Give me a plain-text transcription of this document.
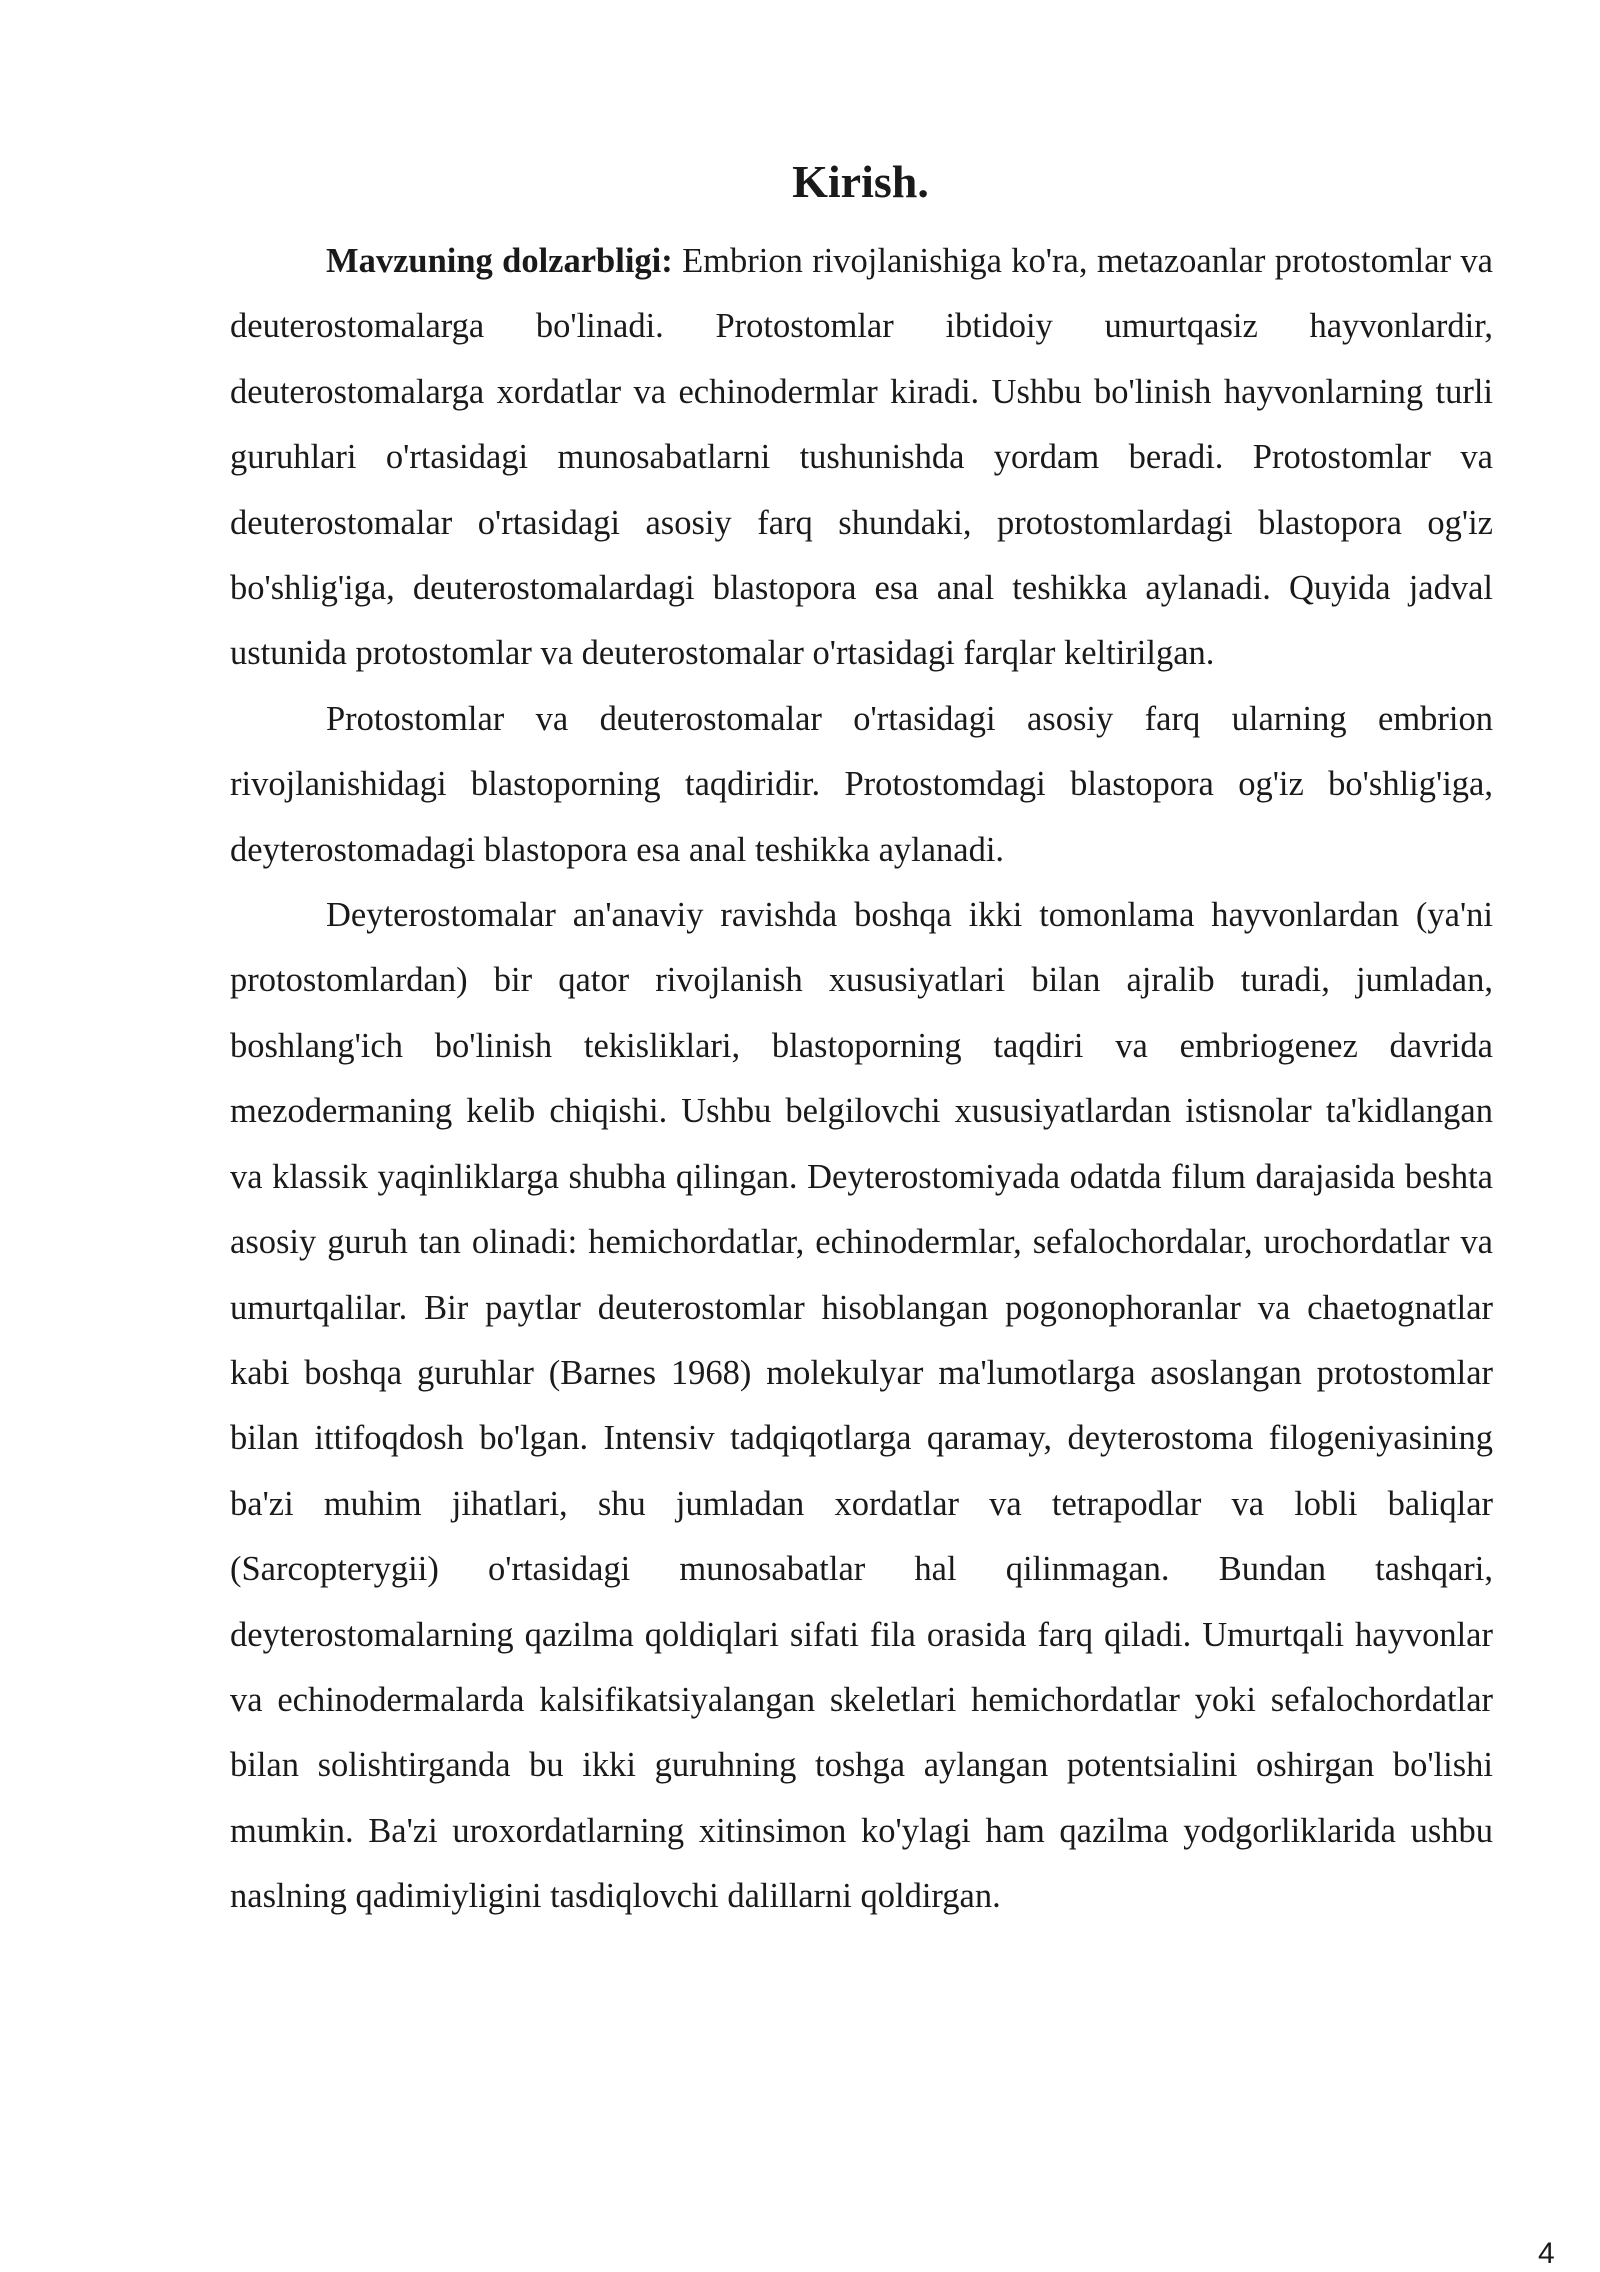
Kirish.

Mavzuning dolzarbligi: Embrion rivojlanishiga ko'ra, metazoanlar protostomlar va deuterostomalarga bo'linadi. Protostomlar ibtidoiy umurtqasiz hayvonlardir, deuterostomalarga xordatlar va echinodermlar kiradi. Ushbu bo'linish hayvonlarning turli guruhlari o'rtasidagi munosabatlarni tushunishda yordam beradi. Protostomlar va deuterostomalar o'rtasidagi asosiy farq shundaki, protostomlardagi blastopora og'iz bo'shlig'iga, deuterostomalardagi blastopora esa anal teshikka aylanadi. Quyida jadval ustunida protostomlar va deuterostomalar o'rtasidagi farqlar keltirilgan.

Protostomlar va deuterostomalar o'rtasidagi asosiy farq ularning embrion rivojlanishidagi blastoporning taqdiridir. Protostomdagi blastopora og'iz bo'shlig'iga, deyterostomadagi blastopora esa anal teshikka aylanadi.

Deyterostomalar an'anaviy ravishda boshqa ikki tomonlama hayvonlardan (ya'ni protostomlardan) bir qator rivojlanish xususiyatlari bilan ajralib turadi, jumladan, boshlang'ich bo'linish tekisliklari, blastoporning taqdiri va embriogenez davrida mezodermaning kelib chiqishi. Ushbu belgilovchi xususiyatlardan istisnolar ta'kidlangan va klassik yaqinliklarga shubha qilingan. Deyterostomiyada odatda filum darajasida beshta asosiy guruh tan olinadi: hemichordatlar, echinodermlar, sefalochordalar, urochordatlar va umurtqalilar. Bir paytlar deuterostomlar hisoblangan pogonophoranlar va chaetognatlar kabi boshqa guruhlar (Barnes 1968) molekulyar ma'lumotlarga asoslangan protostomlar bilan ittifoqdosh bo'lgan. Intensiv tadqiqotlarga qaramay, deyterostoma filogeniyasining ba'zi muhim jihatlari, shu jumladan xordatlar va tetrapodlar va lobli baliqlar (Sarcopterygii) o'rtasidagi munosabatlar hal qilinmagan. Bundan tashqari, deyterostomalarning qazilma qoldiqlari sifati fila orasida farq qiladi. Umurtqali hayvonlar va echinodermalarda kalsifikatsiyalangan skeletlari hemichordatlar yoki sefalochordatlar bilan solishtirganda bu ikki guruhning toshga aylangan potentsialini oshirgan bo'lishi mumkin. Ba'zi uroxordatlarning xitinsimon ko'ylagi ham qazilma yodgorliklarida ushbu naslning qadimiyligini tasdiqlovchi dalillarni qoldirgan.

4
